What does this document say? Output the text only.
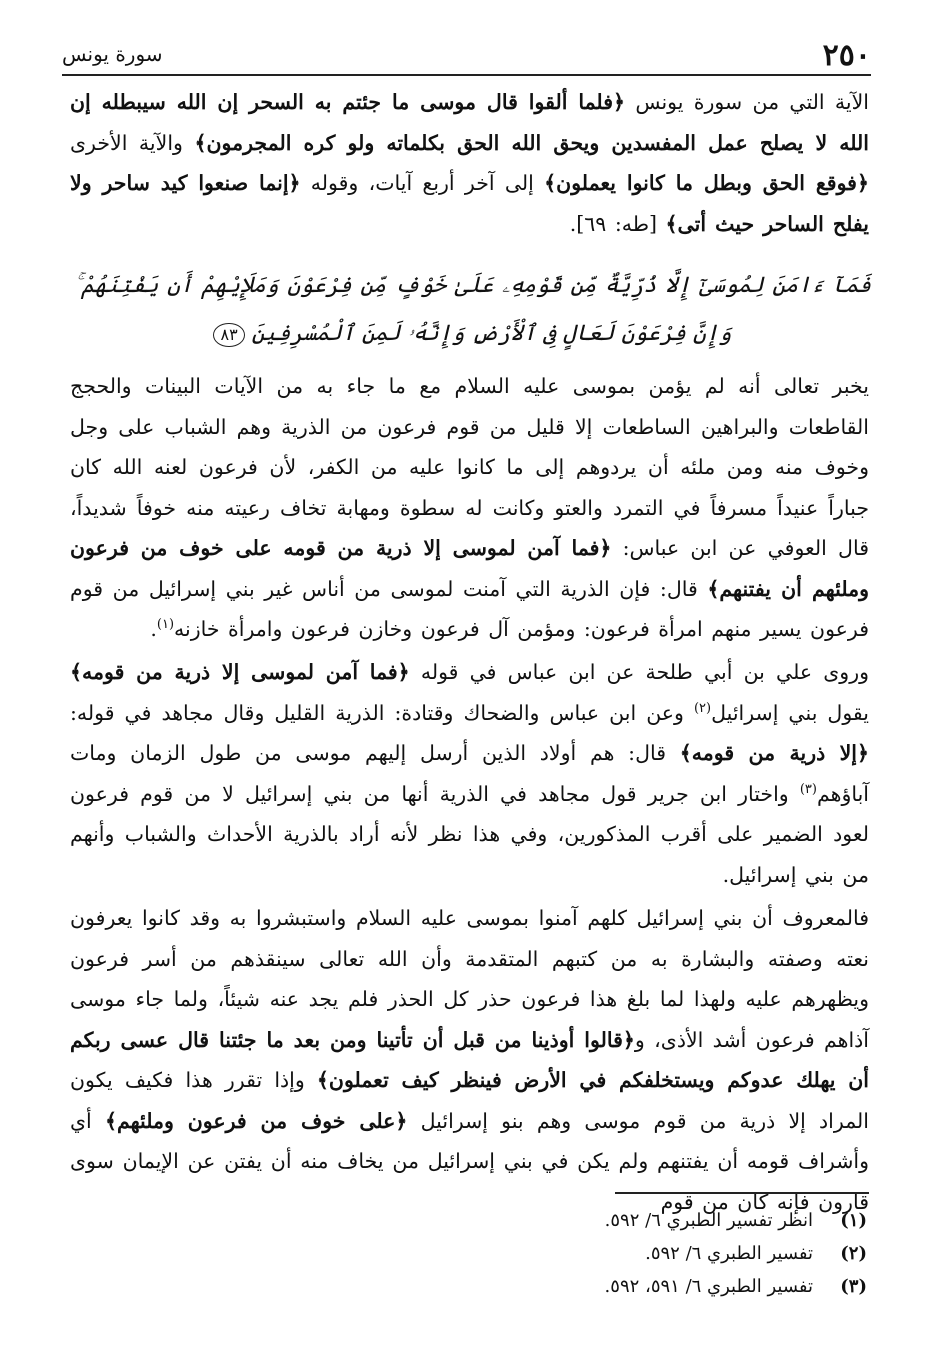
٢٥٠
سورة يونس
الآية التي من سورة يونس ﴿فلما ألقوا قال موسى ما جئتم به السحر إن الله سيبطله إن الله لا يصلح عمل المفسدين ويحق الله الحق بكلماته ولو كره المجرمون﴾ والآية الأخرى ﴿فوقع الحق وبطل ما كانوا يعملون﴾ إلى آخر أربع آيات، وقوله ﴿إنما صنعوا كيد ساحر ولا يفلح الساحر حيث أتى﴾ [طه: ٦٩].
فَمَآ ءَامَنَ لِمُوسَىٰٓ إِلَّا ذُرِّيَّةٌ مِّن قَوْمِهِۦ عَلَىٰ خَوْفٍ مِّن فِرْعَوْنَ وَمَلَإِيْهِمْ أَن يَفْتِنَهُمْ ۚ وَإِنَّ فِرْعَوْنَ لَعَالٍ فِى ٱلْأَرْضِ وَإِنَّهُۥ لَمِنَ ٱلْمُسْرِفِينَ ٨٣
يخبر تعالى أنه لم يؤمن بموسى عليه السلام مع ما جاء به من الآيات البينات والحجج القاطعات والبراهين الساطعات إلا قليل من قوم فرعون من الذرية وهم الشباب على وجل وخوف منه ومن ملئه أن يردوهم إلى ما كانوا عليه من الكفر، لأن فرعون لعنه الله كان جباراً عنيداً مسرفاً في التمرد والعتو وكانت له سطوة ومهابة تخاف رعيته منه خوفاً شديداً، قال العوفي عن ابن عباس: ﴿فما آمن لموسى إلا ذرية من قومه على خوف من فرعون وملئهم أن يفتنهم﴾ قال: فإن الذرية التي آمنت لموسى من أناس غير بني إسرائيل من قوم فرعون يسير منهم امرأة فرعون: ومؤمن آل فرعون وخازن فرعون وامرأة خازنه$^{(١)}$.
وروى علي بن أبي طلحة عن ابن عباس في قوله ﴿فما آمن لموسى إلا ذرية من قومه﴾ يقول بني إسرائيل$^{(٢)}$ وعن ابن عباس والضحاك وقتادة: الذرية القليل وقال مجاهد في قوله: ﴿إلا ذرية من قومه﴾ قال: هم أولاد الذين أرسل إليهم موسى من طول الزمان ومات آباؤهم$^{(٣)}$ واختار ابن جرير قول مجاهد في الذرية أنها من بني إسرائيل لا من قوم فرعون لعود الضمير على أقرب المذكورين، وفي هذا نظر لأنه أراد بالذرية الأحداث والشباب وأنهم من بني إسرائيل.
فالمعروف أن بني إسرائيل كلهم آمنوا بموسى عليه السلام واستبشروا به وقد كانوا يعرفون نعته وصفته والبشارة به من كتبهم المتقدمة وأن الله تعالى سينقذهم من أسر فرعون ويظهرهم عليه ولهذا لما بلغ هذا فرعون حذر كل الحذر فلم يجد عنه شيئاً، ولما جاء موسى آذاهم فرعون أشد الأذى، و﴿قالوا أوذينا من قبل أن تأتينا ومن بعد ما جئتنا قال عسى ربكم أن يهلك عدوكم ويستخلفكم في الأرض فينظر كيف تعملون﴾ وإذا تقرر هذا فكيف يكون المراد إلا ذرية من قوم موسى وهم بنو إسرائيل ﴿على خوف من فرعون وملئهم﴾ أي وأشراف قومه أن يفتنهم ولم يكن في بني إسرائيل من يخاف منه أن يفتن عن الإيمان سوى قارون فإنه كان من قوم
(١)انظر تفسير الطبري ٦/ ٥٩٢.
(٢)تفسير الطبري ٦/ ٥٩٢.
(٣)تفسير الطبري ٦/ ٥٩١، ٥٩٢.
